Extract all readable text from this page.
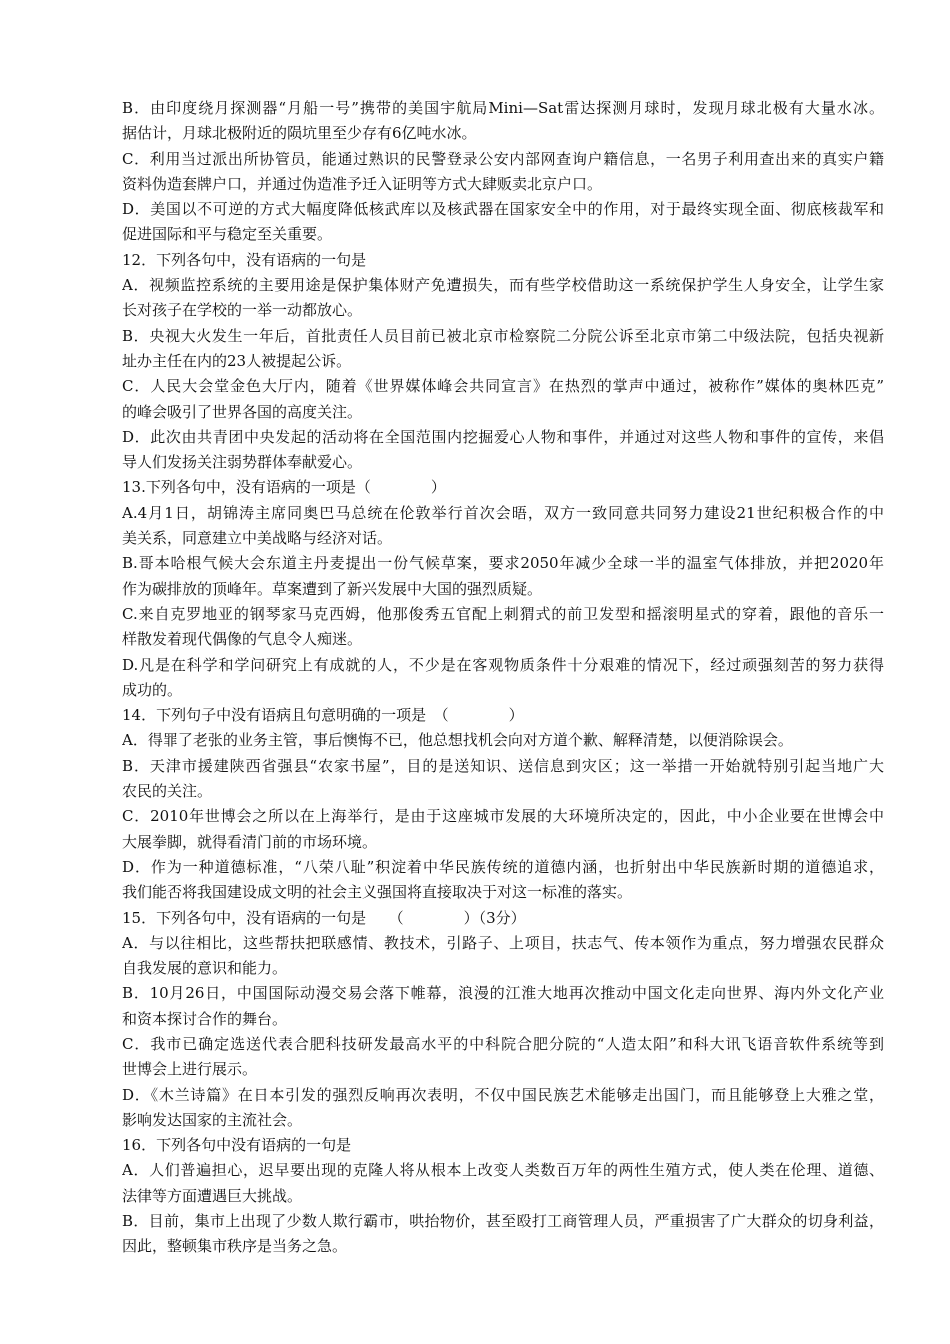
B．由印度绕月探测器“月船一号”携带的美国宇航局Mini—Sat雷达探测月球时，发现月球北极有大量水冰。
据估计，月球北极附近的陨坑里至少存有6亿吨水冰。
C．利用当过派出所协管员，能通过熟识的民警登录公安内部网查询户籍信息，一名男子利用查出来的真实户籍
资料伪造套牌户口，并通过伪造准予迁入证明等方式大肆贩卖北京户口。
D．美国以不可逆的方式大幅度降低核武库以及核武器在国家安全中的作用，对于最终实现全面、彻底核裁军和
促进国际和平与稳定至关重要。
12．下列各句中，没有语病的一句是
A．视频监控系统的主要用途是保护集体财产免遭损失，而有些学校借助这一系统保护学生人身安全，让学生家
长对孩子在学校的一举一动都放心。
B．央视大火发生一年后，首批责任人员目前已被北京市检察院二分院公诉至北京市第二中级法院，包括央视新
址办主任在内的23人被提起公诉。
C．人民大会堂金色大厅内，随着《世界媒体峰会共同宣言》在热烈的掌声中通过，被称作”媒体的奥林匹克”
的峰会吸引了世界各国的高度关注。
D．此次由共青团中央发起的活动将在全国范围内挖掘爱心人物和事件，并通过对这些人物和事件的宣传，来倡
导人们发扬关注弱势群体奉献爱心。
13.下列各句中，没有语病的一项是（　　　　）
A.4月1日，胡锦涛主席同奥巴马总统在伦敦举行首次会晤，双方一致同意共同努力建设21世纪积极合作的中
美关系，同意建立中美战略与经济对话。
B.哥本哈根气候大会东道主丹麦提出一份气候草案，要求2050年减少全球一半的温室气体排放，并把2020年
作为碳排放的顶峰年。草案遭到了新兴发展中大国的强烈质疑。
C.来自克罗地亚的钢琴家马克西姆，他那俊秀五官配上刺猬式的前卫发型和摇滚明星式的穿着，跟他的音乐一
样散发着现代偶像的气息令人痴迷。
D.凡是在科学和学问研究上有成就的人，不少是在客观物质条件十分艰难的情况下，经过顽强刻苦的努力获得
成功的。
14．下列句子中没有语病且句意明确的一项是　（　　　　）
A．得罪了老张的业务主管，事后懊悔不已，他总想找机会向对方道个歉、解释清楚，以便消除误会。
B．天津市援建陕西省强县“农家书屋”，目的是送知识、送信息到灾区；这一举措一开始就特别引起当地广大
农民的关注。
C．2010年世博会之所以在上海举行，是由于这座城市发展的大环境所决定的，因此，中小企业要在世博会中
大展拳脚，就得看清门前的市场环境。
D．作为一种道德标准，“八荣八耻”积淀着中华民族传统的道德内涵，也折射出中华民族新时期的道德追求，
我们能否将我国建设成文明的社会主义强国将直接取决于对这一标准的落实。
15．下列各句中，没有语病的一句是　　（　　　　）（3分）
A．与以往相比，这些帮扶把联感情、教技术，引路子、上项目，扶志气、传本领作为重点，努力增强农民群众
自我发展的意识和能力。
B．10月26日，中国国际动漫交易会落下帷幕，浪漫的江淮大地再次推动中国文化走向世界、海内外文化产业
和资本探讨合作的舞台。
C．我市已确定选送代表合肥科技研发最高水平的中科院合肥分院的“人造太阳”和科大讯飞语音软件系统等到
世博会上进行展示。
D．《木兰诗篇》在日本引发的强烈反响再次表明，不仅中国民族艺术能够走出国门，而且能够登上大雅之堂，
影响发达国家的主流社会。
16．下列各句中没有语病的一句是
A．人们普遍担心，迟早要出现的克隆人将从根本上改变人类数百万年的两性生殖方式，使人类在伦理、道德、
法律等方面遭遇巨大挑战。
B．目前，集市上出现了少数人欺行霸市，哄抬物价，甚至殴打工商管理人员，严重损害了广大群众的切身利益，
因此，整顿集市秩序是当务之急。
